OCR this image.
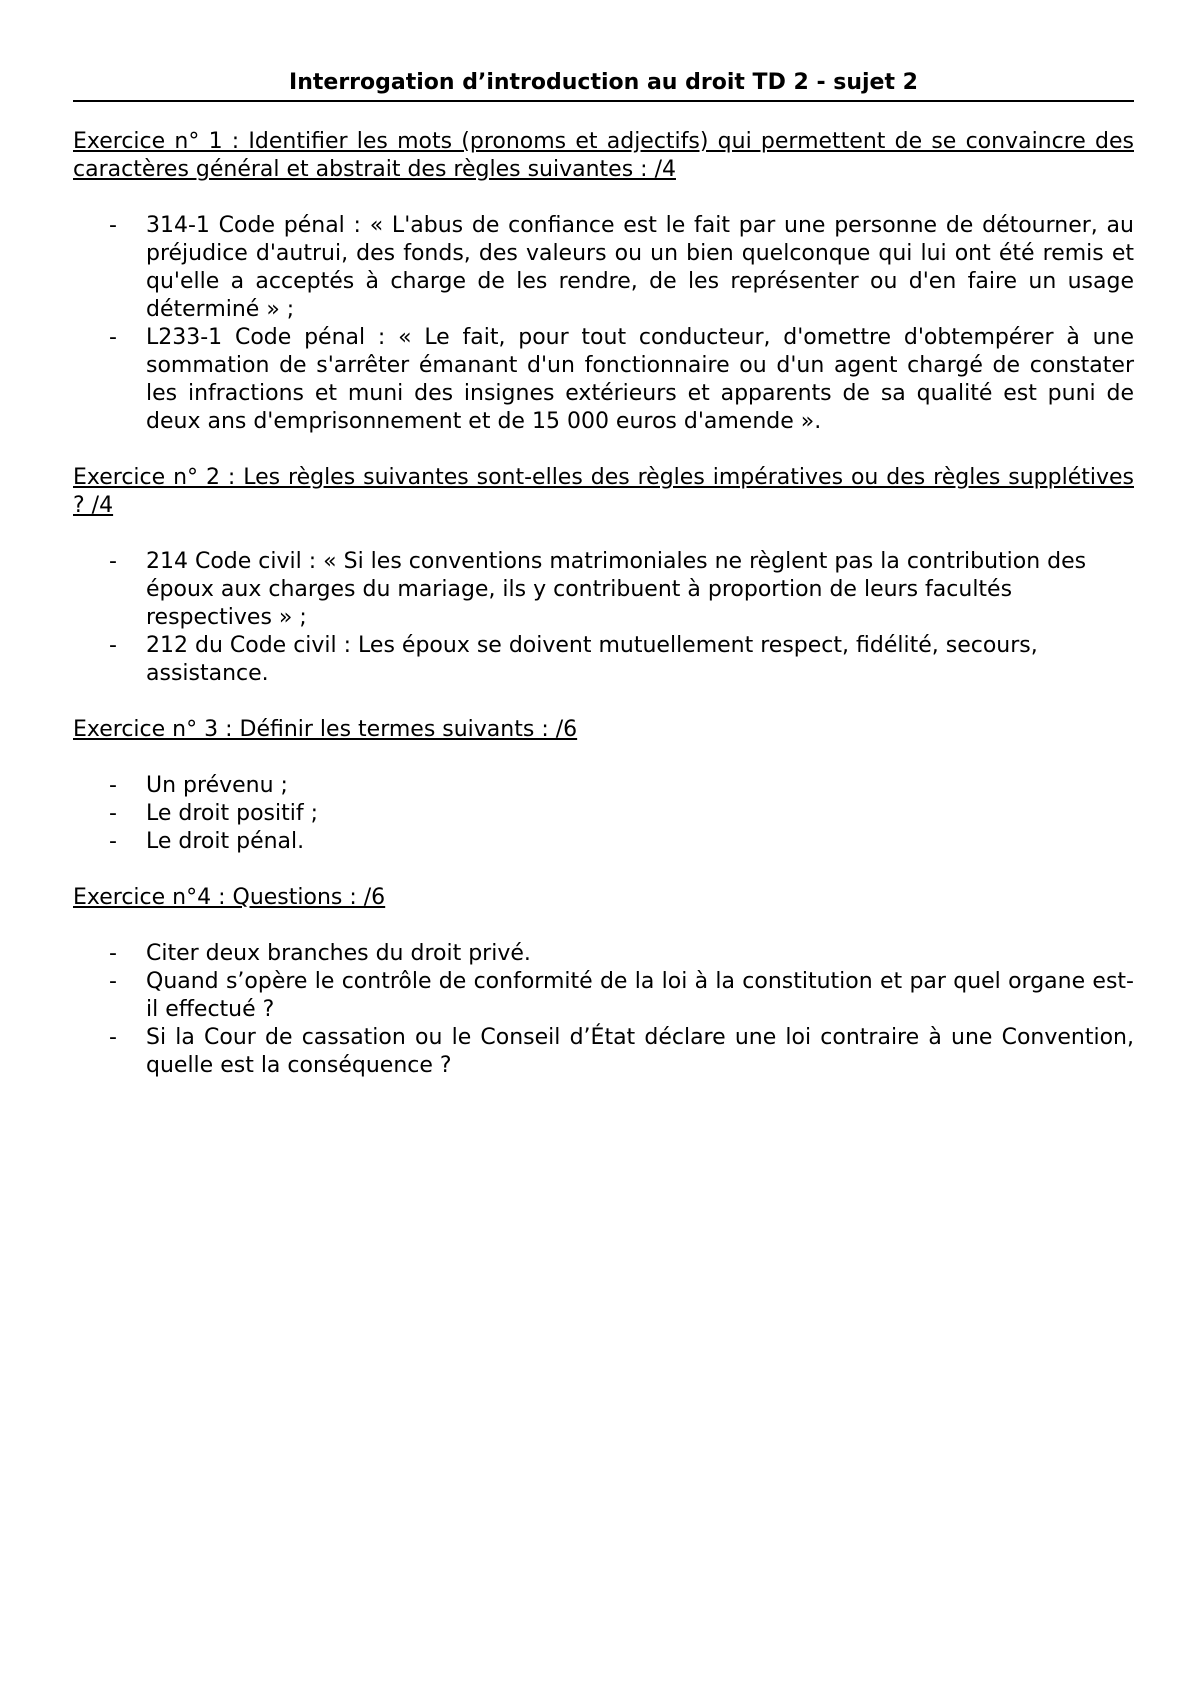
Interrogation d’introduction au droit TD 2 - sujet 2
Exercice n° 1 : Identifier les mots (pronoms et adjectifs) qui permettent de se convaincre des caractères général et abstrait des règles suivantes : /4
- 314-1 Code pénal : « L'abus de confiance est le fait par une personne de détourner, au préjudice d'autrui, des fonds, des valeurs ou un bien quelconque qui lui ont été remis et qu'elle a acceptés à charge de les rendre, de les représenter ou d'en faire un usage déterminé » ;
- L233-1 Code pénal : « Le fait, pour tout conducteur, d'omettre d'obtempérer à une sommation de s'arrêter émanant d'un fonctionnaire ou d'un agent chargé de constater les infractions et muni des insignes extérieurs et apparents de sa qualité est puni de deux ans d'emprisonnement et de 15 000 euros d'amende ».
Exercice n° 2 : Les règles suivantes sont-elles des règles impératives ou des règles supplétives ? /4
- 214 Code civil : « Si les conventions matrimoniales ne règlent pas la contribution des époux aux charges du mariage, ils y contribuent à proportion de leurs facultés respectives » ;
- 212 du Code civil : Les époux se doivent mutuellement respect, fidélité, secours, assistance.
Exercice n° 3 : Définir les termes suivants : /6
- Un prévenu ;
- Le droit positif ;
- Le droit pénal.
Exercice n°4 : Questions : /6
- Citer deux branches du droit privé.
- Quand s’opère le contrôle de conformité de la loi à la constitution et par quel organe est-il effectué ?
- Si la Cour de cassation ou le Conseil d’État déclare une loi contraire à une Convention, quelle est la conséquence ?
